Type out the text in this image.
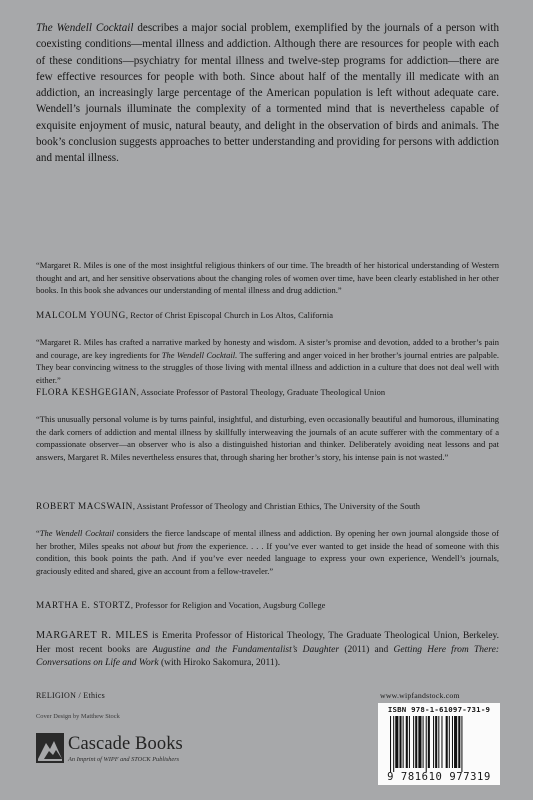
The Wendell Cocktail describes a major social problem, exemplified by the journals of a person with coexisting conditions—mental illness and addiction. Although there are resources for people with each of these conditions—psychiatry for mental illness and twelve-step programs for addiction—there are few effective resources for people with both. Since about half of the mentally ill medicate with an addiction, an increasingly large percentage of the American population is left without adequate care. Wendell’s journals illuminate the complexity of a tormented mind that is nevertheless capable of exquisite enjoyment of music, natural beauty, and delight in the observation of birds and animals. The book’s conclusion suggests approaches to better understanding and providing for persons with addiction and mental illness.

“Margaret R. Miles is one of the most insightful religious thinkers of our time. The breadth of her historical understanding of Western thought and art, and her sensitive observations about the changing roles of women over time, have been clearly established in her other books. In this book she advances our understanding of mental illness and drug addiction.”

MALCOLM YOUNG, Rector of Christ Episcopal Church in Los Altos, California

“Margaret R. Miles has crafted a narrative marked by honesty and wisdom. A sister’s promise and devotion, added to a brother’s pain and courage, are key ingredients for The Wendell Cocktail. The suffering and anger voiced in her brother’s journal entries are palpable. They bear convincing witness to the struggles of those living with mental illness and addiction in a culture that does not deal well with either.”

FLORA KESHGEGIAN, Associate Professor of Pastoral Theology, Graduate Theological Union

“This unusually personal volume is by turns painful, insightful, and disturbing, even occasionally beautiful and humorous, illuminating the dark corners of addiction and mental illness by skillfully interweaving the journals of an acute sufferer with the commentary of a compassionate observer—an observer who is also a distinguished historian and thinker. Deliberately avoiding neat lessons and pat answers, Margaret R. Miles nevertheless ensures that, through sharing her brother’s story, his intense pain is not wasted.”

ROBERT MACSWAIN, Assistant Professor of Theology and Christian Ethics, The University of the South

“The Wendell Cocktail considers the fierce landscape of mental illness and addiction. By opening her own journal alongside those of her brother, Miles speaks not about but from the experience. . . . If you’ve ever wanted to get inside the head of someone with this condition, this book points the path. And if you’ve ever needed language to express your own experience, Wendell’s journals, graciously edited and shared, give an account from a fellow-traveler.”

MARTHA E. STORTZ, Professor for Religion and Vocation, Augsburg College

MARGARET R. MILES is Emerita Professor of Historical Theology, The Graduate Theological Union, Berkeley. Her most recent books are Augustine and the Fundamentalist’s Daughter (2011) and Getting Here from There: Conversations on Life and Work (with Hiroko Sakomura, 2011).

RELIGION / Ethics	www.wipfandstock.com
Cover Design by Matthew Stock
Cascade Books
An Imprint of WIPF and STOCK Publishers
ISBN 978-1-61097-731-9
9 781610 977319
